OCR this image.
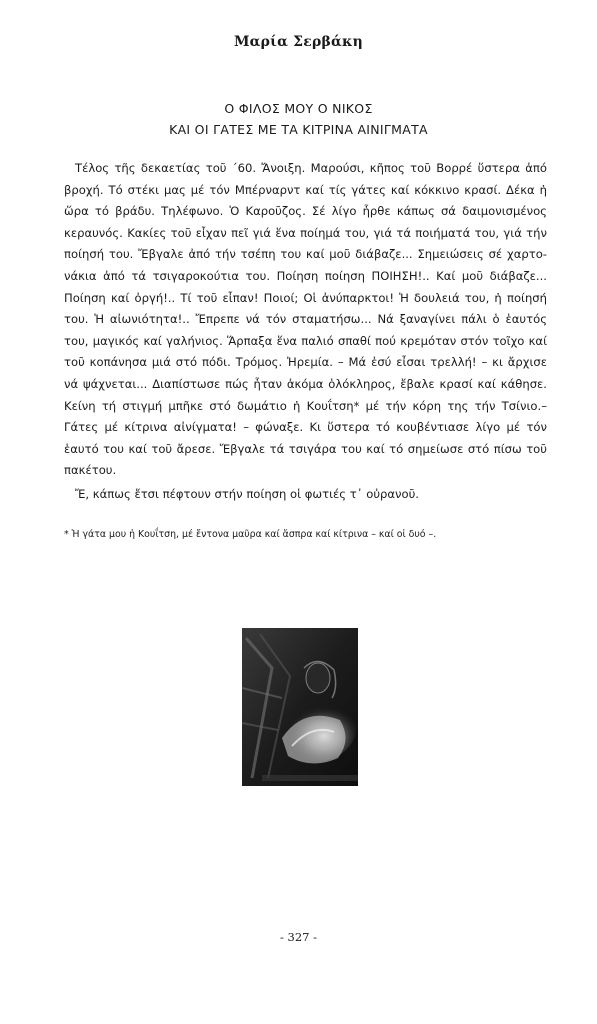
Μαρία Σερβάκη
Ο ΦΙΛΟΣ ΜΟΥ Ο ΝΙΚΟΣ
ΚΑΙ ΟΙ ΓΑΤΕΣ ΜΕ ΤΑ ΚΙΤΡΙΝΑ ΑΙΝΙΓΜΑΤΑ

Τέλος τῆς δεκαετίας τοῦ ΄60. Ἄνοιξη. Μαρούσι, κῆπος τοῦ Βορρέ ὕστερα ἀπό βροχή. Τό στέκι μας μέ τόν Μπέρναρντ καί τίς γάτες καί κόκκινο κρασί. Δέκα ἡ ὥρα τό βράδυ. Τηλέφωνο. Ὁ Καροῦζος. Σέ λίγο ἦρθε κάπως σά δαιμονισμένος κεραυνός. Κακίες τοῦ εἶχαν πεῖ γιά ἕνα ποίημά του, γιά τά ποιήματά του, γιά τήν ποίησή του. Ἔβγαλε ἀπό τήν τσέπη του καί μοῦ διάβαζε... Σημειώσεις σέ χαρτο-νάκια ἀπό τά τσιγαροκούτια του. Ποίηση ποίηση ΠΟΙΗΣΗ!.. Καί μοῦ διάβαζε... Ποίηση καί ὀργή!.. Τί τοῦ εἶπαν! Ποιοί; Οἱ ἀνύπαρκτοι! Ἡ δουλειά του, ἡ ποίησή του. Ἡ αἰωνιότητα!.. Ἔπρεπε νά τόν σταματήσω... Νά ξαναγίνει πάλι ὁ ἑαυτός του, μαγικός καί γαλήνιος. Ἅρπαξα ἕνα παλιό σπαθί πού κρεμόταν στόν τοῖχο καί τοῦ κοπάνησα μιά στό πόδι. Τρόμος. Ἠρεμία. – Μά ἐσύ εἶσαι τρελλή! – κι ἄρχισε νά ψάχνεται... Διαπίστωσε πώς ἦταν ἀκόμα ὁλόκληρος, ἔβαλε κρασί καί κάθησε. Κείνη τή στιγμή μπῆκε στό δωμάτιο ἡ Κουΐτση* μέ τήν κόρη της τήν Τσίνιο.– Γάτες μέ κίτρινα αἰνίγματα! – φώναξε. Κι ὕστερα τό κουβέντιασε λίγο μέ τόν ἑαυτό του καί τοῦ ἄρεσε. Ἔβγαλε τά τσιγάρα του καί τό σημείωσε στό πίσω τοῦ πακέτου.

Ἔ, κάπως ἔτσι πέφτουν στήν ποίηση οἱ φωτιές τ᾽ οὐρανοῦ.

* Ἡ γάτα μου ἡ Κουΐτση, μέ ἔντονα μαῦρα καί ἄσπρα καί κίτρινα – καί οἱ δυό –.

- 327 -
